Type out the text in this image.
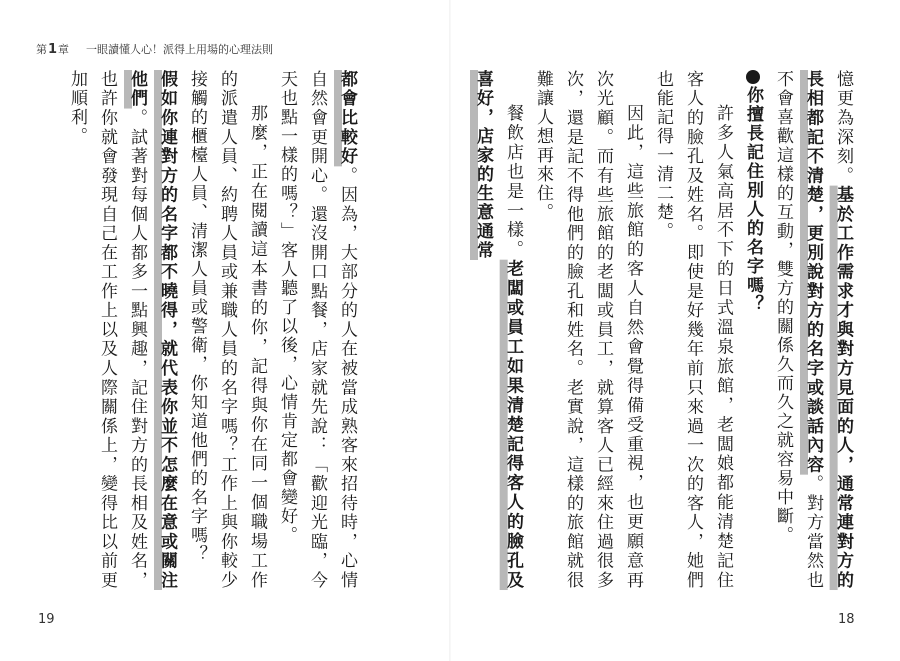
第1章 一眼讀懂人心！派得上用場的心理法則

憶更為深刻。基於工作需求才與對方見面的人，通常連對方的長相都記不清楚，更別說對方的名字或談話內容。對方當然也不會喜歡這樣的互動，雙方的關係久而久之就容易中斷。

你擅長記住別人的名字嗎？

許多人氣高居不下的日式溫泉旅館，老闆娘都能清楚記住客人的臉孔及姓名。即使是好幾年前只來過一次的客人，她們也能記得一清二楚。

因此，這些旅館的客人自然會覺得備受重視，也更願意再次光顧。而有些旅館的老闆或員工，就算客人已經來住過很多次，還是記不得他們的臉孔和姓名。老實說，這樣的旅館就很難讓人想再來住。

餐飲店也是一樣。老闆或員工如果清楚記得客人的臉孔及喜好，店家的生意通常

都會比較好。因為，大部分的人在被當成熟客來招待時，心情自然會更開心。還沒開口點餐，店家就先說：「歡迎光臨，今天也點一樣的嗎？」客人聽了以後，心情肯定都會變好。

那麼，正在閱讀這本書的你，記得與你在同一個職場工作的派遣人員、約聘人員或兼職人員的名字嗎？工作上與你較少接觸的櫃檯人員、清潔人員或警衛，你知道他們的名字嗎？

假如你連對方的名字都不曉得，就代表你並不怎麼在意或關注他們。試著對每個人都多一點興趣，記住對方的長相及姓名，也許你就會發現自己在工作上以及人際關係上，變得比以前更加順利。

19	18
